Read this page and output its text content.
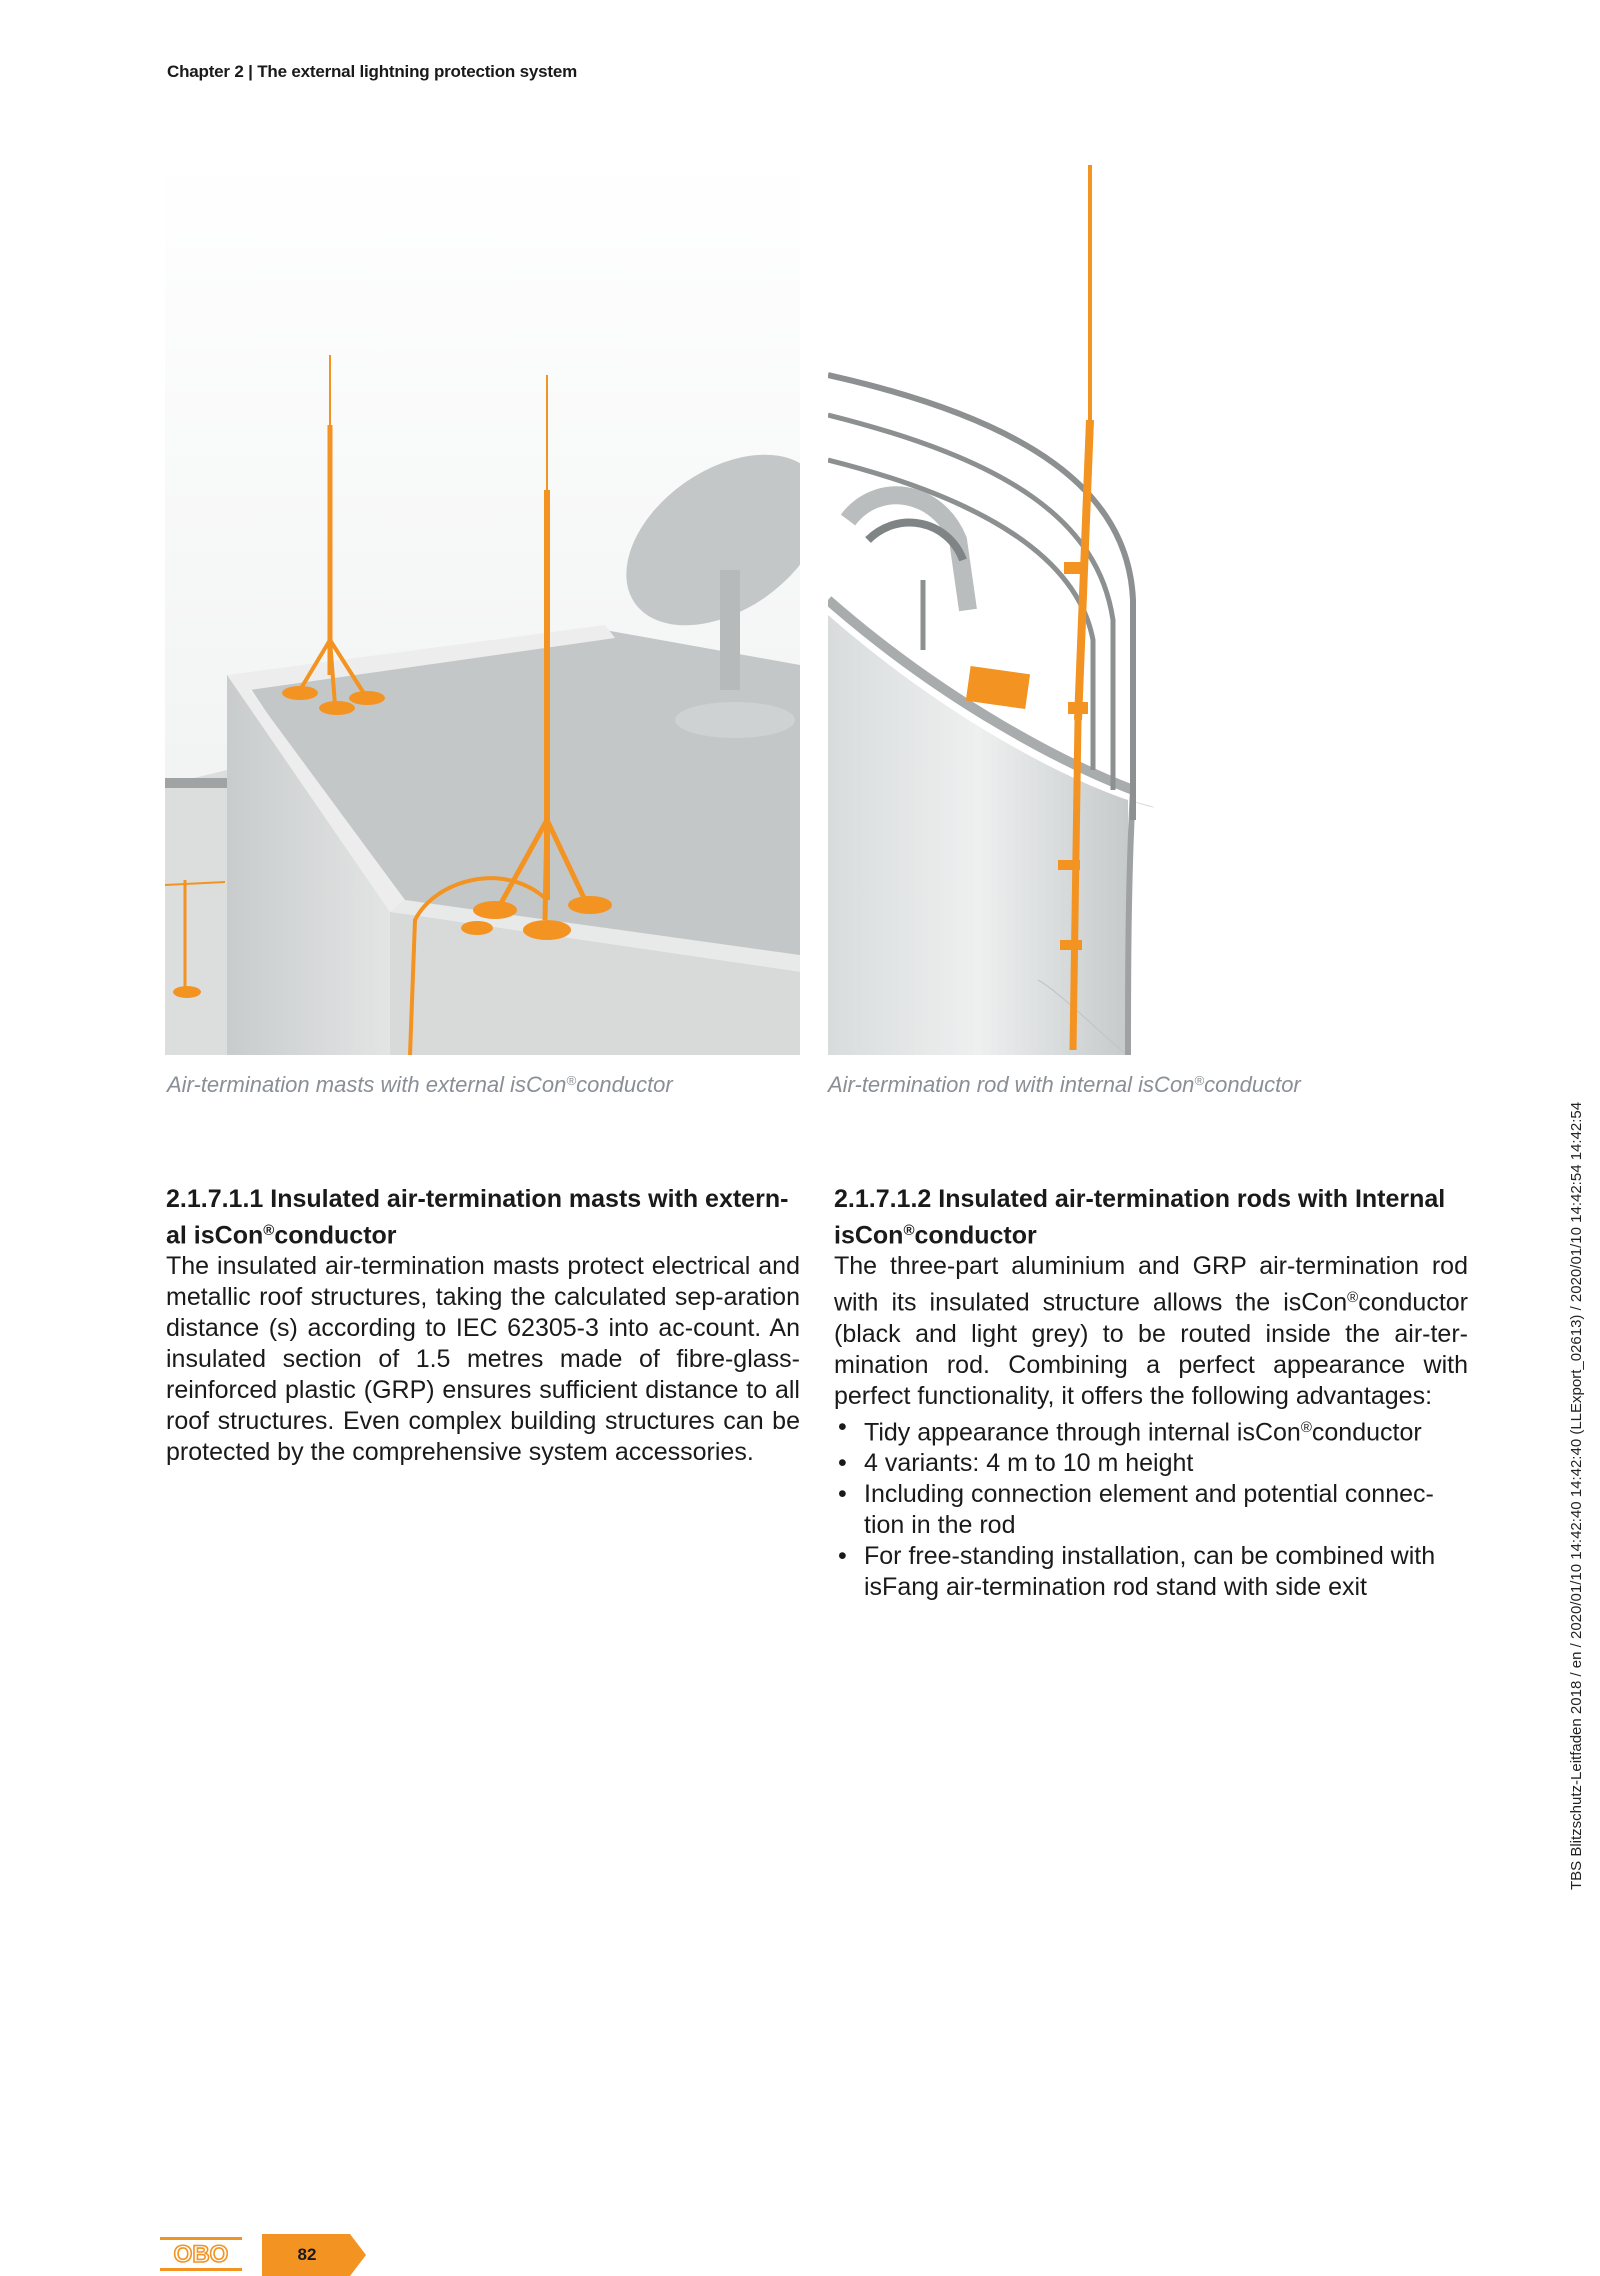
Chapter 2 | The external lightning protection system
Air-termination masts with external isCon®conductor	Air-termination rod with internal isCon®conductor
2.1.7.1.1 Insulated air-termination masts with extern-al isCon®conductor

The insulated air-termination masts protect electrical and metallic roof structures, taking the calculated sep-aration distance (s) according to IEC 62305-3 into ac-count. An insulated section of 1.5 metres made of fibre-glass-reinforced plastic (GRP) ensures sufficient distance to all roof structures. Even complex building structures can be protected by the comprehensive system accessories.

2.1.7.1.2 Insulated air-termination rods with Internal isCon®conductor

The three-part aluminium and GRP air-termination rod with its insulated structure allows the isCon®conductor (black and light grey) to be routed inside the air-ter-mination rod. Combining a perfect appearance with perfect functionality, it offers the following advantages:

• Tidy appearance through internal isCon®conductor
• 4 variants: 4 m to 10 m height
• Including connection element and potential connec-tion in the rod
• For free-standing installation, can be combined with isFang air-termination rod stand with side exit	TBS Blitzschutz-Leitfaden 2018 / en / 2020/01/10 14:42:40 14:42:40 (LLExport_02613) / 2020/01/10 14:42:54 14:42:54
OBO	82
